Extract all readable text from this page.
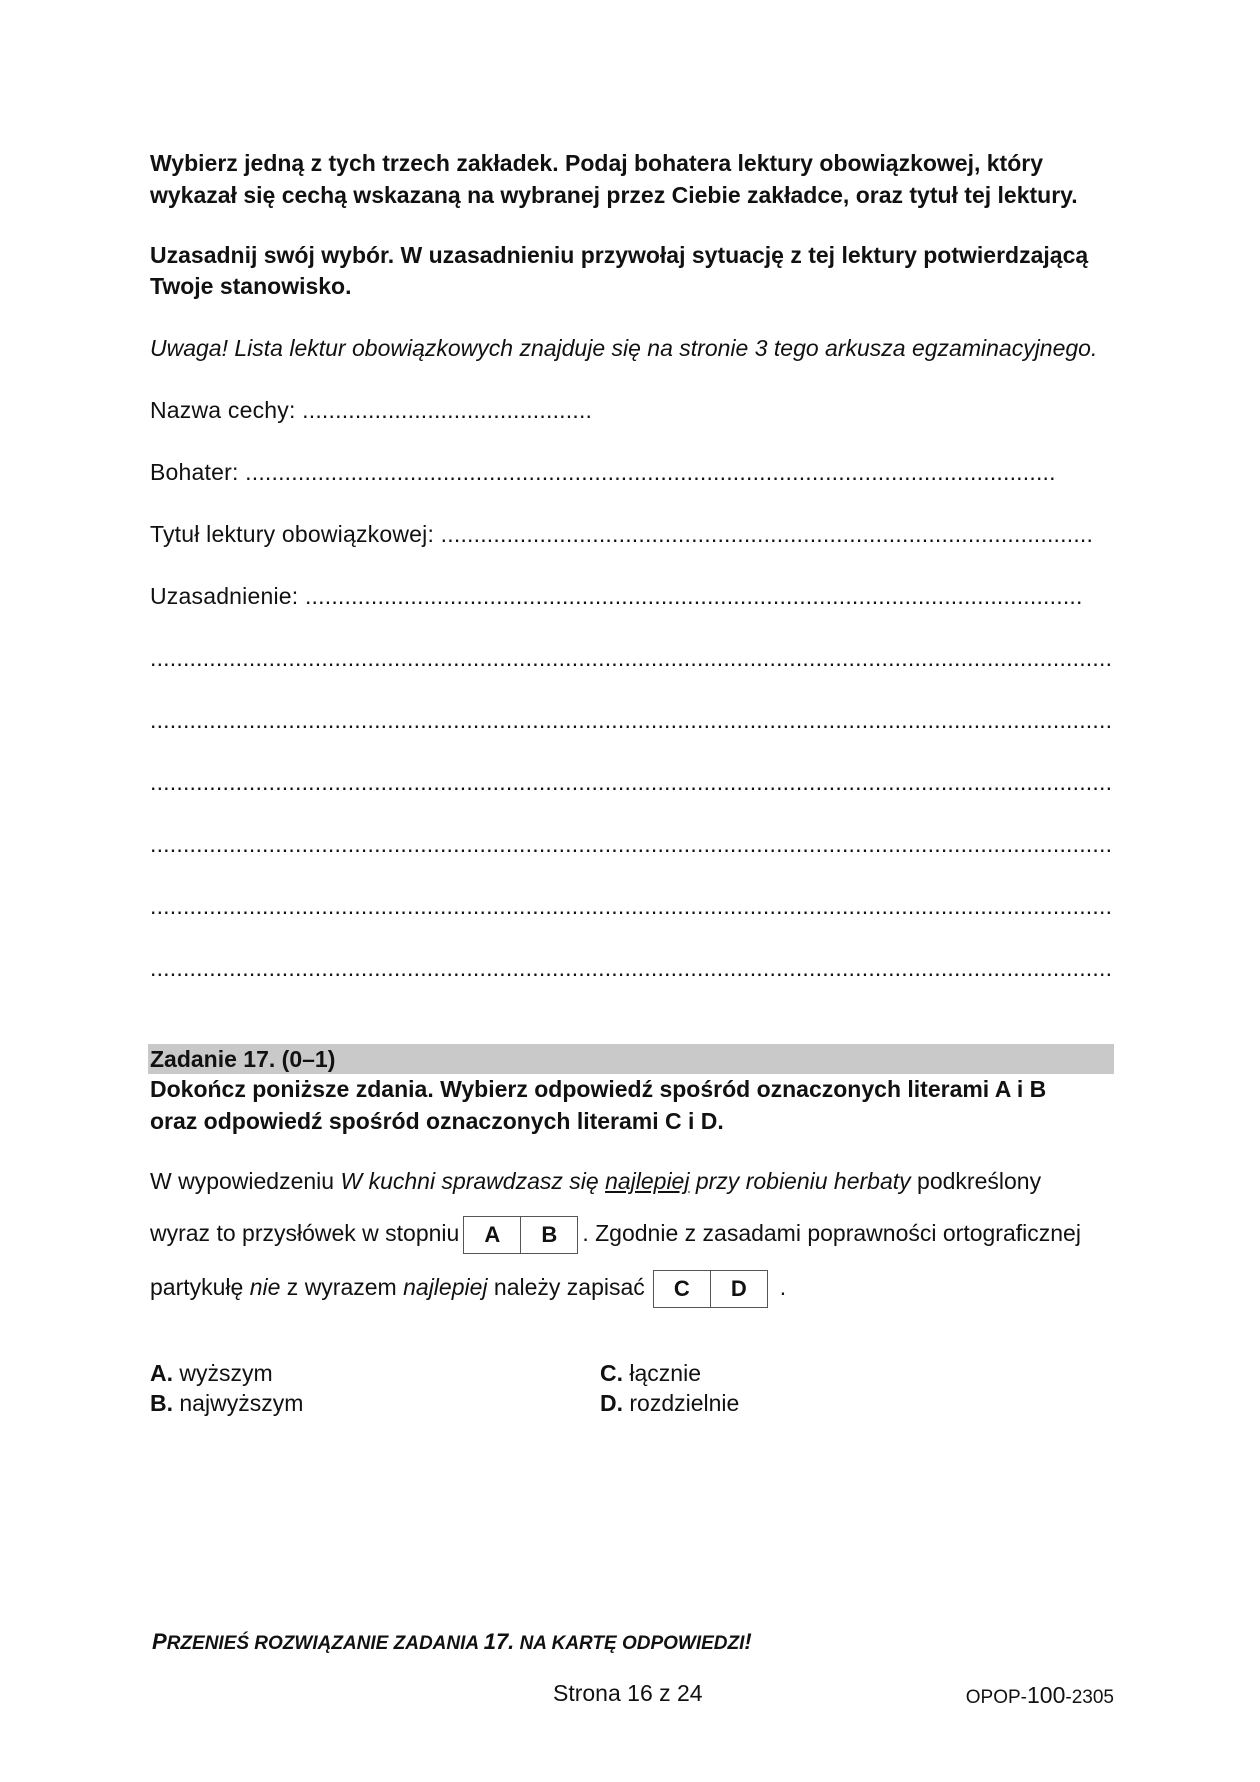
Wybierz jedną z tych trzech zakładek. Podaj bohatera lektury obowiązkowej, który

wykazał się cechą wskazaną na wybranej przez Ciebie zakładce, oraz tytuł tej lektury.

Uzasadnij swój wybór. W uzasadnieniu przywołaj sytuację z tej lektury potwierdzającą

Twoje stanowisko.

Uwaga! Lista lektur obowiązkowych znajduje się na stronie 3 tego arkusza egzaminacyjnego.

Nazwa cechy: ............................................
Bohater: ...........................................................................................................................
Tytuł lektury obowiązkowej: ...................................................................................................
Uzasadnienie: ......................................................................................................................
..................................................................................................................................................
..................................................................................................................................................
..................................................................................................................................................
..................................................................................................................................................
..................................................................................................................................................
..................................................................................................................................................
Zadanie 17. (0–1)

Dokończ poniższe zdania. Wybierz odpowiedź spośród oznaczonych literami A i B

oraz odpowiedź spośród oznaczonych literami C i D.

W wypowiedzeniu W kuchni sprawdzasz się najlepiej przy robieniu herbaty podkreślony

wyraz to przysłówek w stopniu	A	B	. Zgodnie z zasadami poprawności ortograficznej
partykułę nie z wyrazem najlepiej należy zapisać	C	D	.

A. wyższym

B. najwyższym

C. łącznie

D. rozdzielnie

PRZENIEŚ ROZWIĄZANIE ZADANIA 17. NA KARTĘ ODPOWIEDZI!
Strona 16 z 24	OPOP-100-2305
